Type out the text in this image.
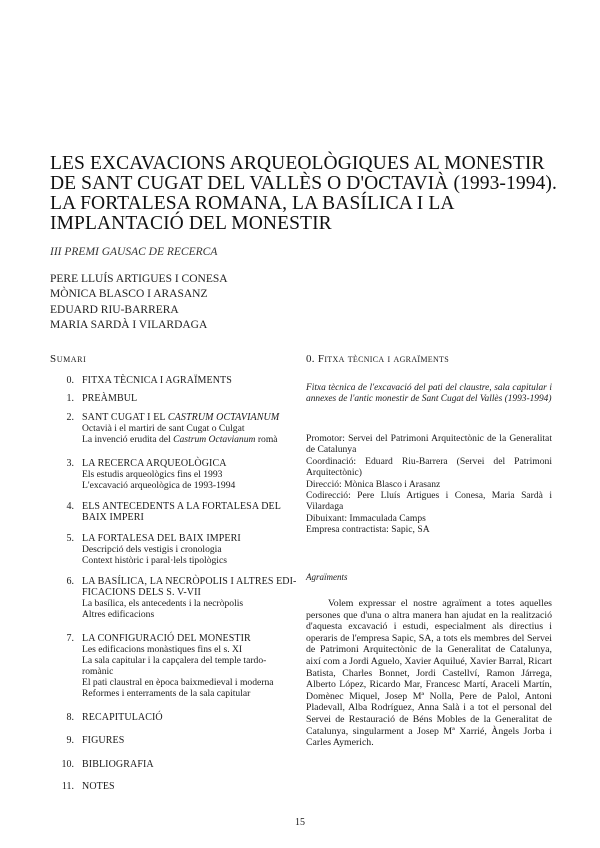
LES EXCAVACIONS ARQUEOLÒGIQUES AL MONESTIR
DE SANT CUGAT DEL VALLÈS O D'OCTAVIÀ (1993-1994).
LA FORTALESA ROMANA, LA BASÍLICA I LA
IMPLANTACIÓ DEL MONESTIR
III PREMI GAUSAC DE RECERCA
PERE LLUÍS ARTIGUES I CONESA
MÒNICA BLASCO I ARASANZ
EDUARD RIU-BARRERA
MARIA SARDÀ I VILARDAGA
Sumari
0. FITXA TÈCNICA I AGRAÏMENTS
1. PREÀMBUL
2. SANT CUGAT I EL CASTRUM OCTAVIANUM
Octavià i el martiri de sant Cugat o Culgat
La invenció erudita del Castrum Octavianum romà
3. LA RECERCA ARQUEOLÒGICA
Els estudis arqueològics fins el 1993
L'excavació arqueològica de 1993-1994
4. ELS ANTECEDENTS A LA FORTALESA DEL
BAIX IMPERI
5. LA FORTALESA DEL BAIX IMPERI
Descripció dels vestigis i cronologia
Context històric i paral·lels tipològics
6. LA BASÍLICA, LA NECRÒPOLIS I ALTRES EDI-
FICACIONS DELS S. V-VII
La basílica, els antecedents i la necròpolis
Altres edificacions
7. LA CONFIGURACIÓ DEL MONESTIR
Les edificacions monàstiques fins el s. XI
La sala capitular i la capçalera del temple tardo-
romànic
El pati claustral en època baixmedieval i moderna
Reformes i enterraments de la sala capitular
8. RECAPITULACIÓ
9. FIGURES
10. BIBLIOGRAFIA
11. NOTES
0. Fitxa tècnica i agraïments
Fitxa tècnica de l'excavació del pati del claustre, sala capitular i annexes de l'antic monestir de Sant Cugat del Vallès (1993-1994)
Promotor: Servei del Patrimoni Arquitectònic de la Generalitat de Catalunya
Coordinació: Eduard Riu-Barrera (Servei del Patrimoni Arquitectònic)
Direcció: Mònica Blasco i Arasanz
Codirecció: Pere Lluís Artigues i Conesa, Maria Sardà i Vilardaga
Dibuixant: Immaculada Camps
Empresa contractista: Sapic, SA
Agraïments

Volem expressar el nostre agraïment a totes aquelles persones que d'una o altra manera han ajudat en la realització d'aquesta excavació i estudi, especialment als directius i operaris de l'empresa Sapic, SA, a tots els membres del Servei de Patrimoni Arquitectònic de la Generalitat de Catalunya, així com a Jordi Aguelo, Xavier Aquilué, Xavier Barral, Ricart Batista, Charles Bonnet, Jordi Castellví, Ramon Járrega, Alberto López, Ricardo Mar, Francesc Martí, Araceli Martín, Domènec Miquel, Josep Mª Nolla, Pere de Palol, Antoni Pladevall, Alba Rodríguez, Anna Salà i a tot el personal del Servei de Restauració de Béns Mobles de la Generalitat de Catalunya, singularment a Josep Mª Xarrié, Àngels Jorba i Carles Aymerich.

15
